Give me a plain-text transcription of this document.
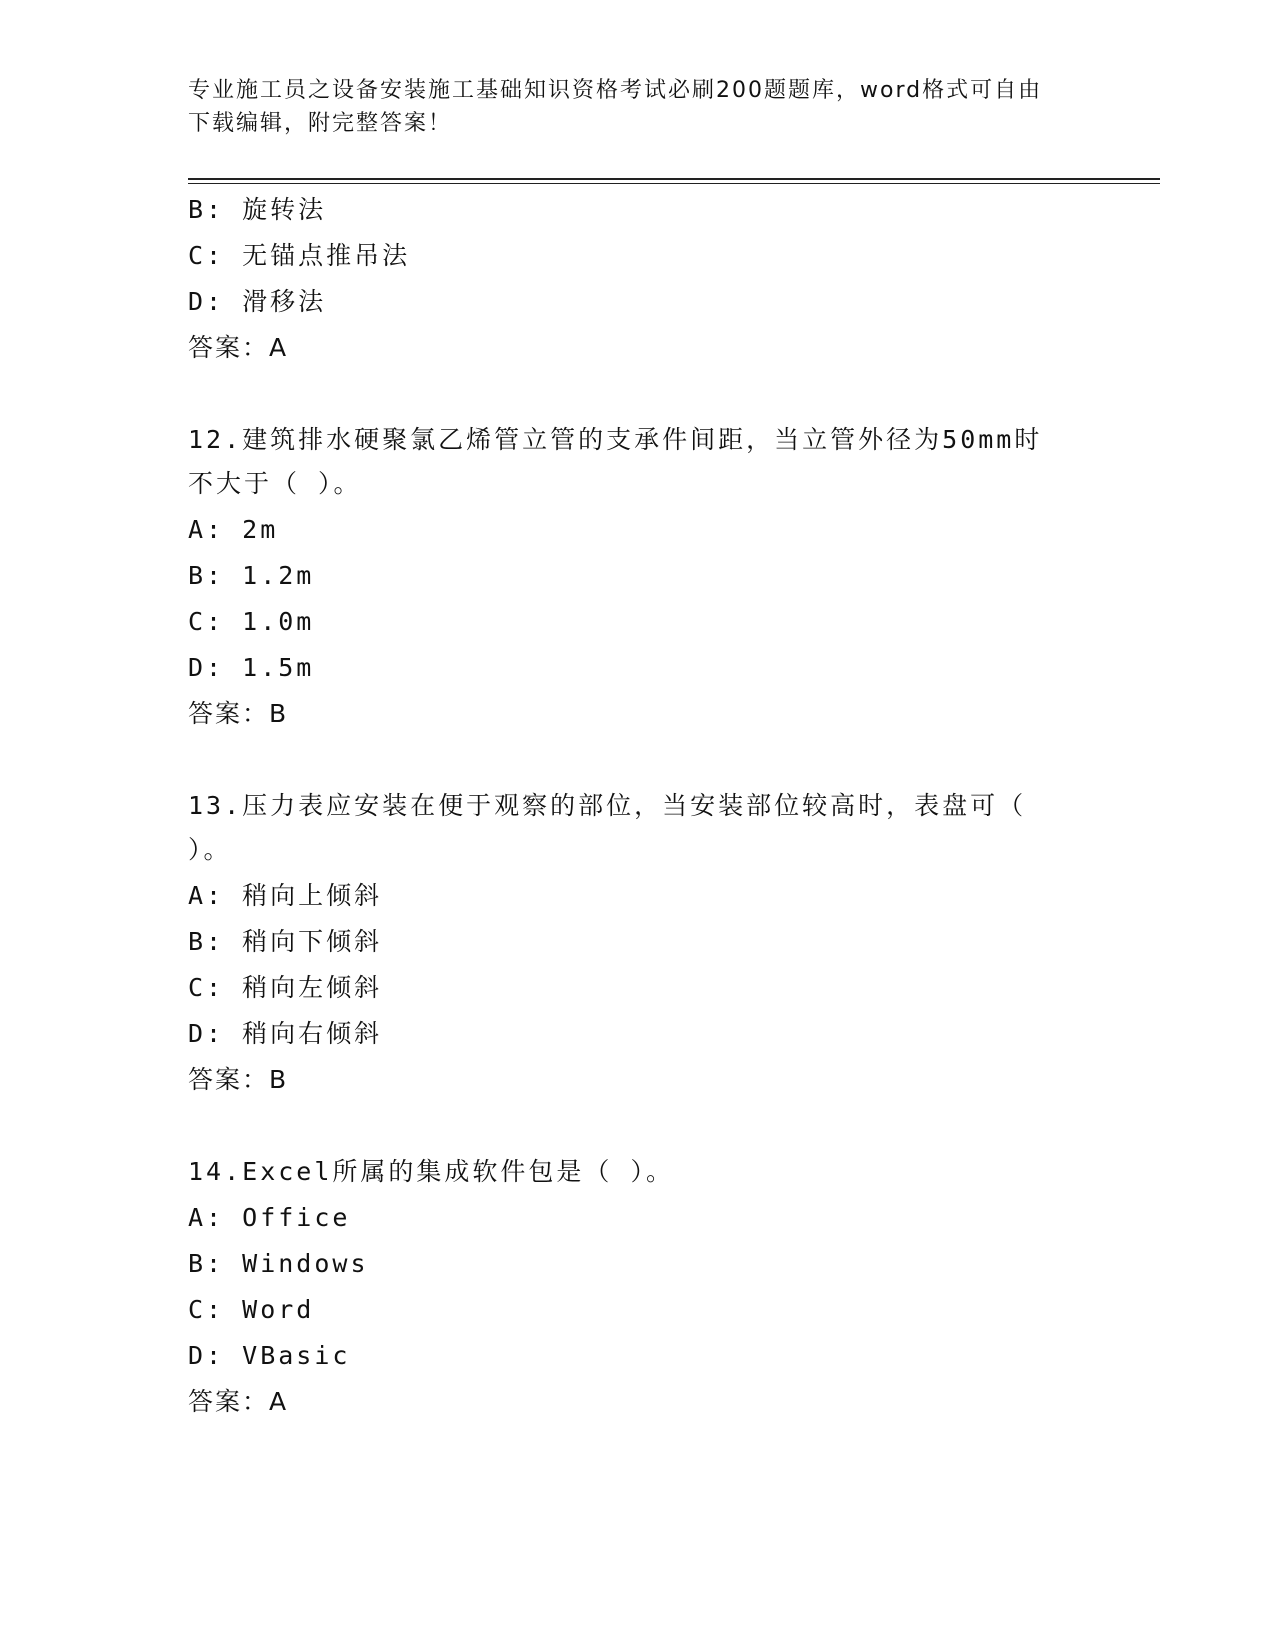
专业施工员之设备安装施工基础知识资格考试必刷200题题库，word格式可自由
下载编辑，附完整答案！
B: 旋转法
C: 无锚点推吊法
D: 滑移法
答案：A
12.建筑排水硬聚氯乙烯管立管的支承件间距，当立管外径为50mm时
不大于（ ）。
A: 2m
B: 1.2m
C: 1.0m
D: 1.5m
答案：B
13.压力表应安装在便于观察的部位，当安装部位较高时，表盘可（
）。
A: 稍向上倾斜
B: 稍向下倾斜
C: 稍向左倾斜
D: 稍向右倾斜
答案：B
14.Excel所属的集成软件包是（ ）。
A: Office
B: Windows
C: Word
D: VBasic
答案：A
